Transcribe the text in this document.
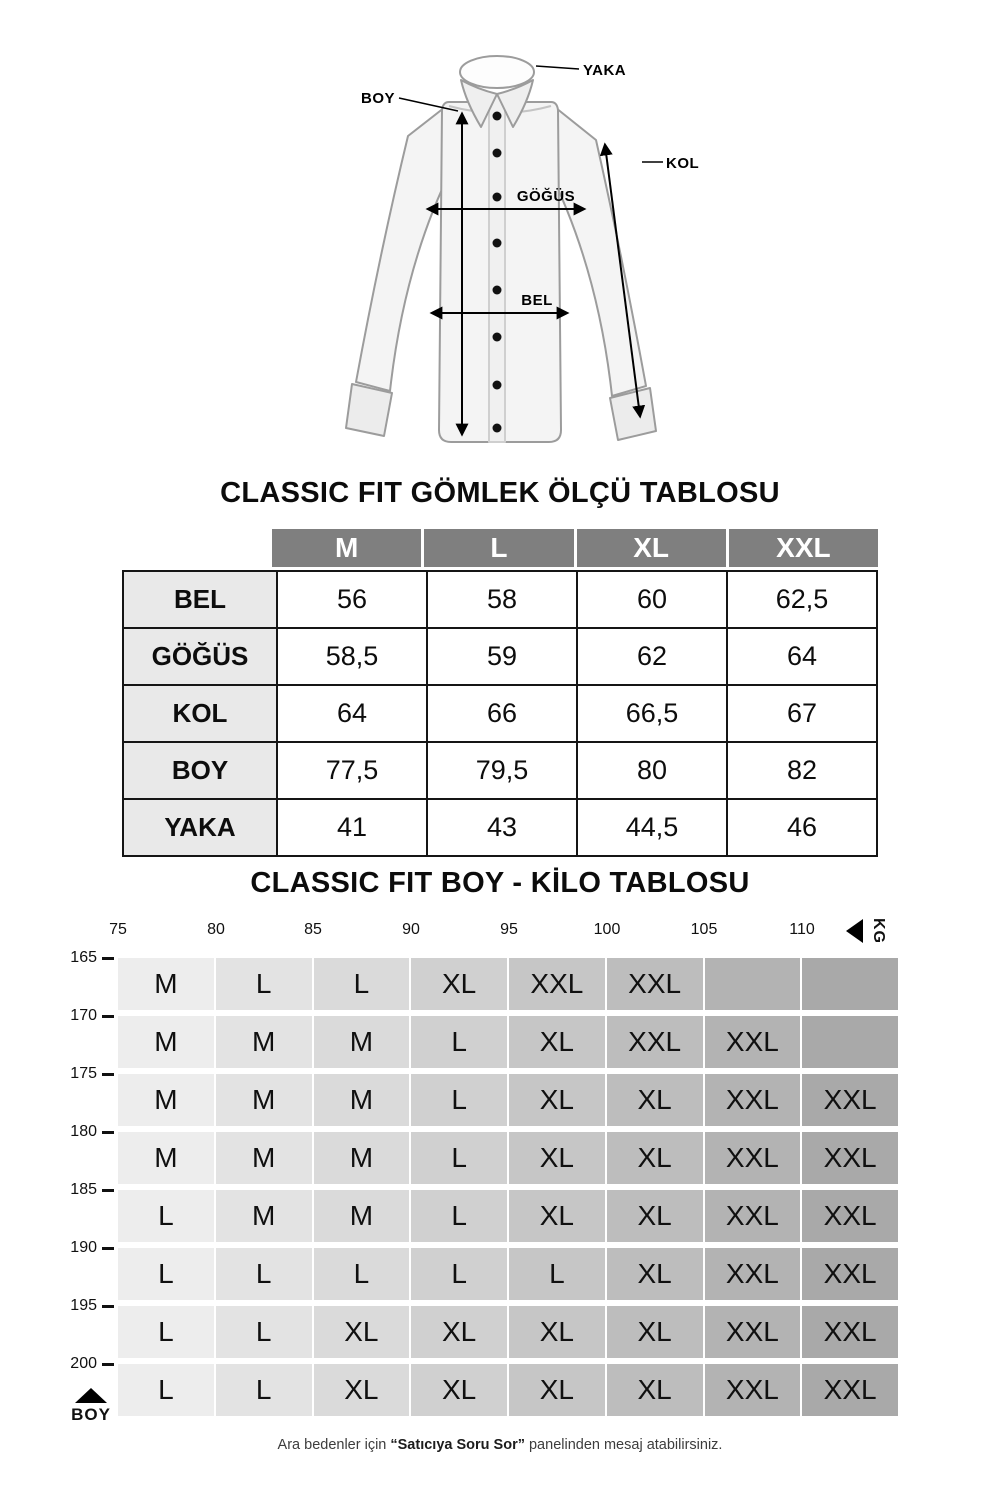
YAKA
BOY
KOL
GÖĞÜS
BEL
CLASSIC FIT GÖMLEK ÖLÇÜ TABLOSU
M	L	XL	XXL
BEL	56	58	60	62,5
GÖĞÜS	58,5	59	62	64
KOL	64	66	66,5	67
BOY	77,5	79,5	80	82
YAKA	41	43	44,5	46
CLASSIC FIT BOY - KİLO TABLOSU
75	80	85	90	95	100	105	110	KG
165
170
175
180
185
190
195
200
M	L	L	XL	XXL	XXL
M	M	M	L	XL	XXL	XXL
M	M	M	L	XL	XL	XXL	XXL
M	M	M	L	XL	XL	XXL	XXL
L	M	M	L	XL	XL	XXL	XXL
L	L	L	L	L	XL	XXL	XXL
L	L	XL	XL	XL	XL	XXL	XXL
L	L	XL	XL	XL	XL	XXL	XXL
BOY

Ara bedenler için “Satıcıya Soru Sor” panelinden mesaj atabilirsiniz.
